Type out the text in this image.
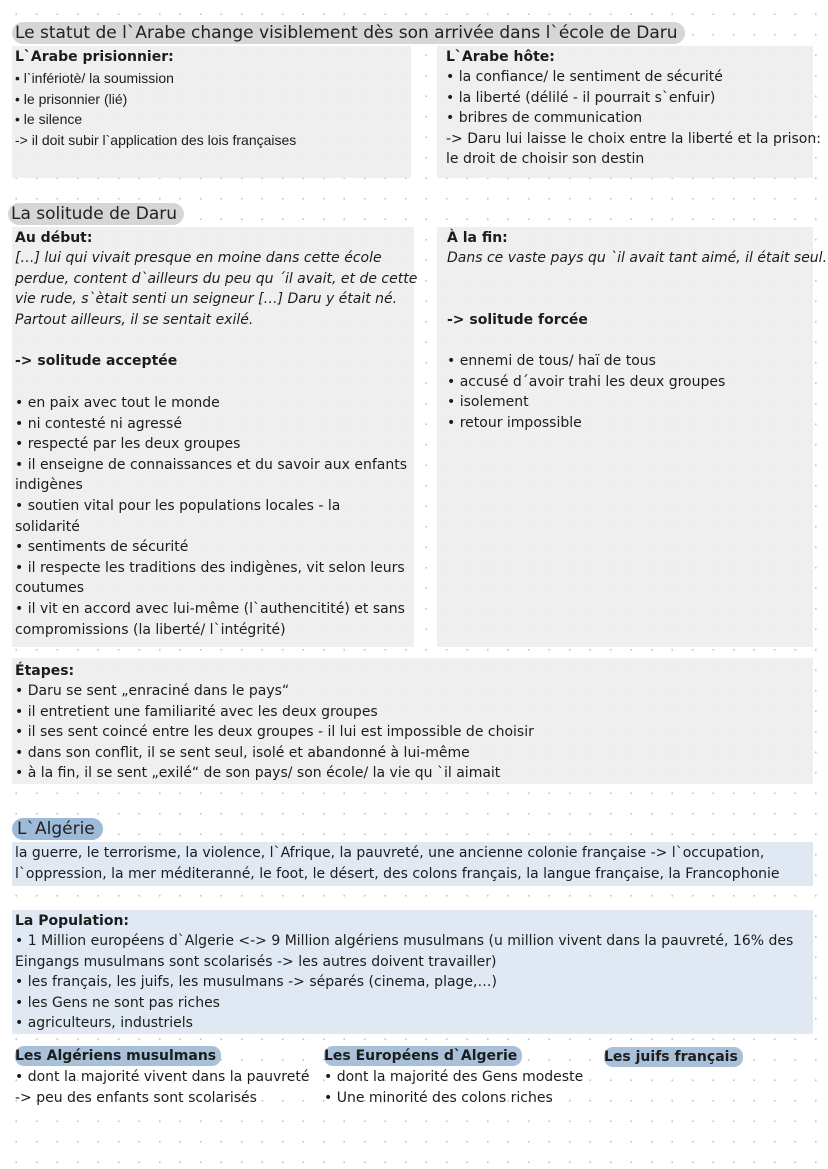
Le statut de l`Arabe change visiblement dès son arrivée dans l`école de Daru
L`Arabe prisionnier:
• l`infériotè/ la soumission
• le prisonnier (lié)
• le silence
-> il doit subir l`application des lois françaises
L`Arabe hôte:
• la confiance/ le sentiment de sécurité
• la liberté (délilé - il pourrait s`enfuir)
• bribres de communication
-> Daru lui laisse le choix entre la liberté et la prison:
le droit de choisir son destin
La solitude de Daru
Au début:
[…] lui qui vivait presque en moine dans cette école
perdue, content d`ailleurs du peu qu ´il avait, et de cette
vie rude, s`ètait senti un seigneur […] Daru y était né.
Partout ailleurs, il se sentait exilé.
-> solitude acceptée
• en paix avec tout le monde
• ni contesté ni agressé
• respecté par les deux groupes
• il enseigne de connaissances et du savoir aux enfants
indigènes
• soutien vital pour les populations locales - la
solidarité
• sentiments de sécurité
• il respecte les traditions des indigènes, vit selon leurs
coutumes
• il vit en accord avec lui-même (l`authencitité) et sans
compromissions (la liberté/ l`intégrité)
À la fin:
Dans ce vaste pays qu `il avait tant aimé, il était seul.
-> solitude forcée
• ennemi de tous/ haï de tous
• accusé d´avoir trahi les deux groupes
• isolement
• retour impossible
Étapes:
• Daru se sent „enraciné dans le pays“
• il entretient une familiarité avec les deux groupes
• il ses sent coincé entre les deux groupes - il lui est impossible de choisir
• dans son conflit, il se sent seul, isolé et abandonné à lui-même
• à la fin, il se sent „exilé“ de son pays/ son école/ la vie qu `il aimait
L`Algérie
la guerre, le terrorisme, la violence, l`Afrique, la pauvreté, une ancienne colonie française -> l`occupation,
l`oppression, la mer méditeranné, le foot, le désert, des colons français, la langue française, la Francophonie
La Population:
• 1 Million européens d`Algerie <-> 9 Million algériens musulmans (u million vivent dans la pauvreté, 16% des
Eingangs musulmans sont scolarisés -> les autres doivent travailler)
• les français, les juifs, les musulmans -> séparés (cinema, plage,…)
• les Gens ne sont pas riches
• agriculteurs, industriels
Les Algériens musulmans
• dont la majorité vivent dans la pauvreté
-> peu des enfants sont scolarisés
Les Européens d`Algerie
• dont la majorité des Gens modeste
• Une minorité des colons riches
Les juifs français
